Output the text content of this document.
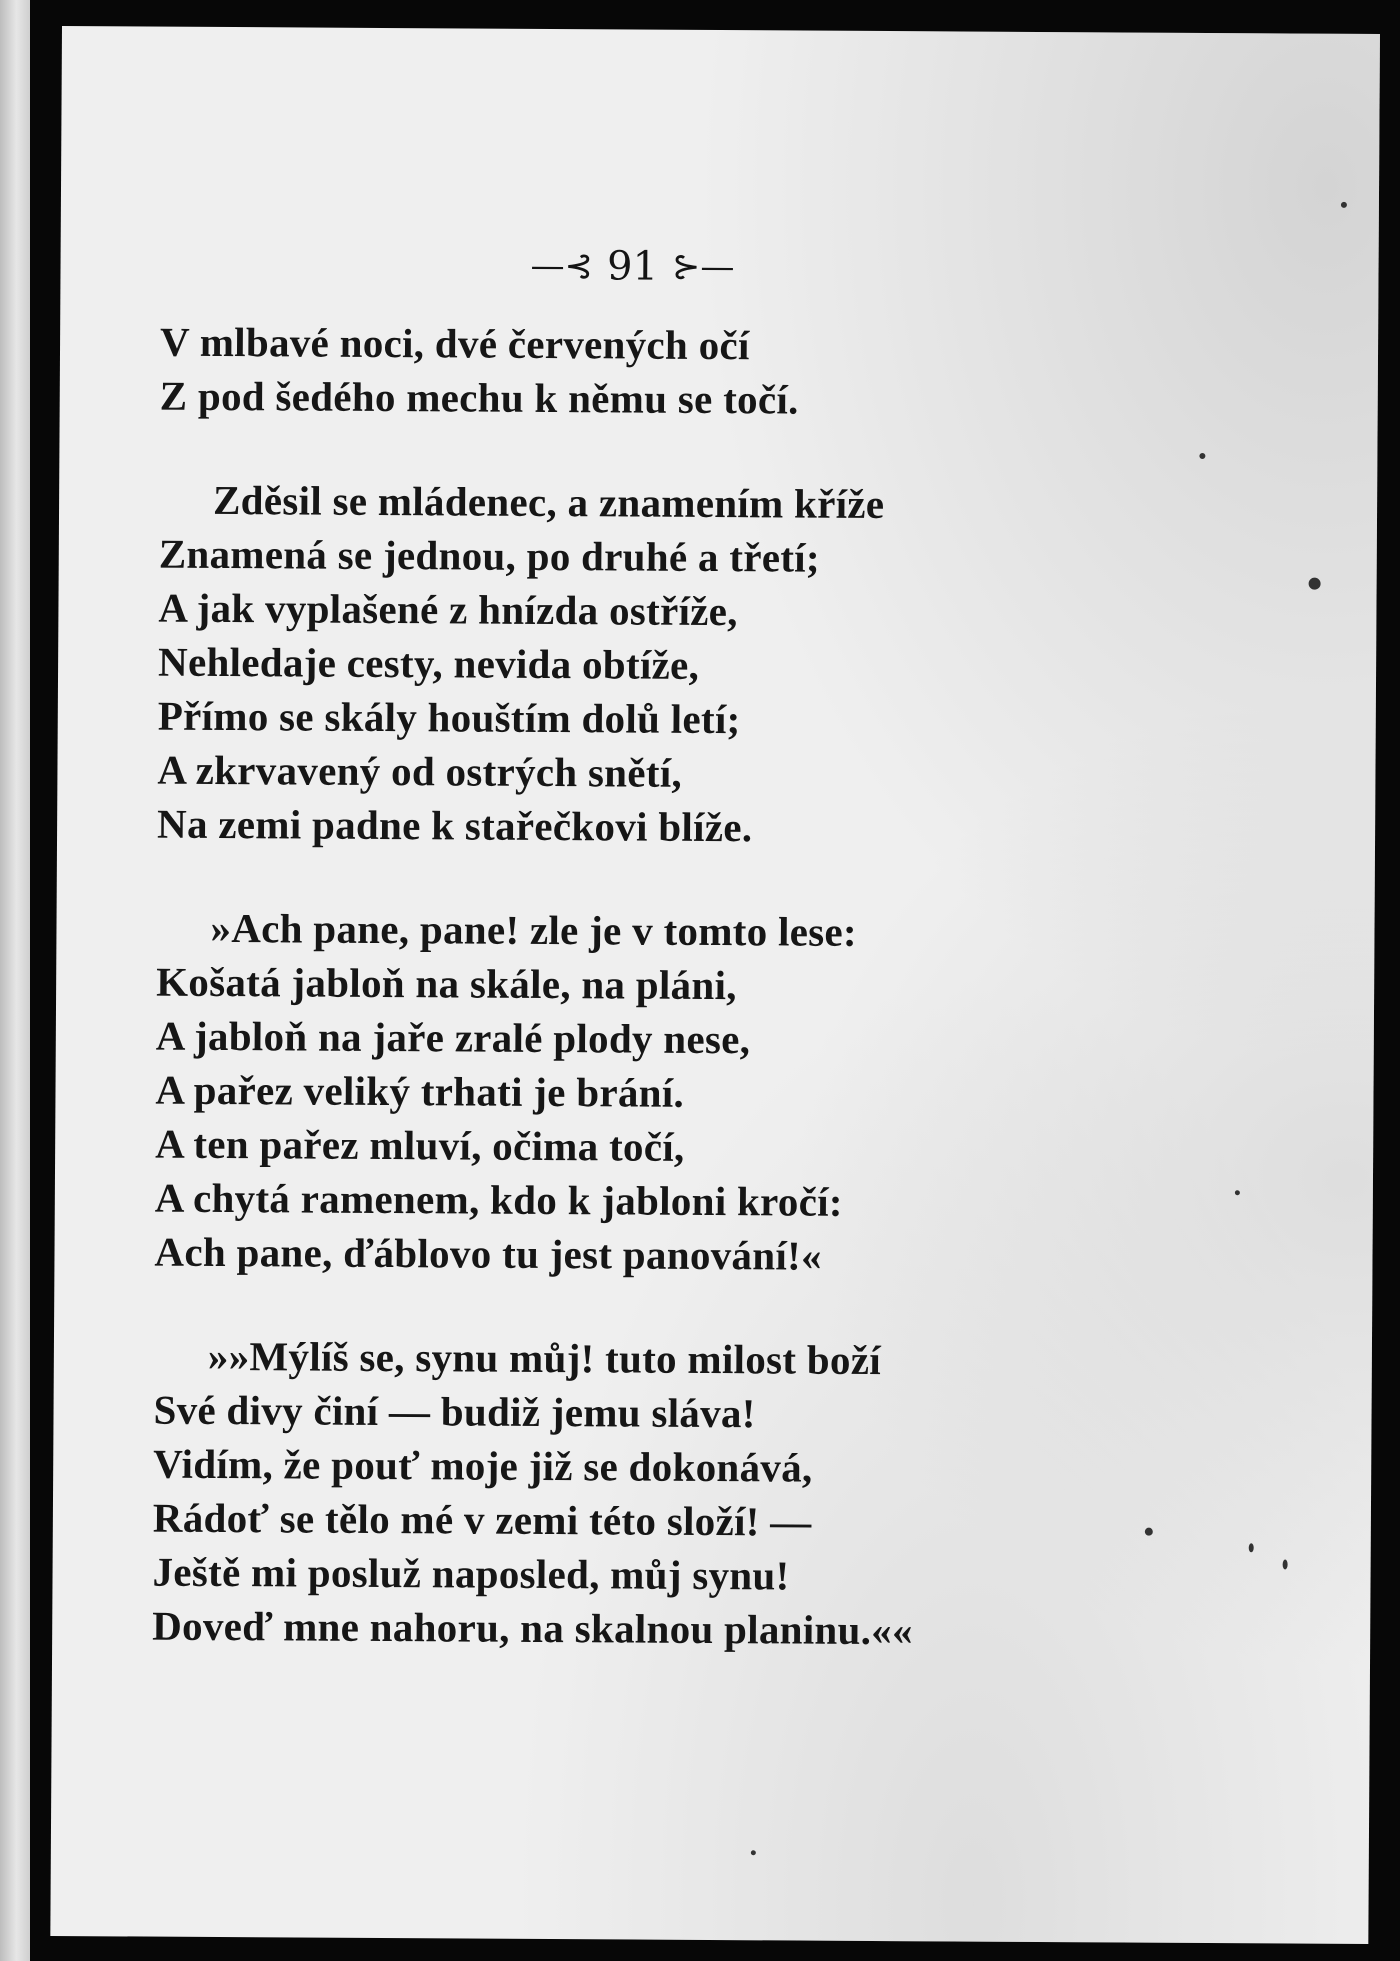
—⊰ 91 ⊱—
V mlbavé noci, dvé červených očí
Z pod šedého mechu k němu se točí.
Zděsil se mládenec, a znamením kříže
Znamená se jednou, po druhé a třetí;
A jak vyplašené z hnízda ostříže,
Nehledaje cesty, nevida obtíže,
Přímo se skály houštím dolů letí;
A zkrvavený od ostrých snětí,
Na zemi padne k stařečkovi blíže.
»Ach pane, pane! zle je v tomto lese:
Košatá jabloň na skále, na pláni,
A jabloň na jaře zralé plody nese,
A pařez veliký trhati je brání.
A ten pařez mluví, očima točí,
A chytá ramenem, kdo k jabloni kročí:
Ach pane, ďáblovo tu jest panování!«
»»Mýlíš se, synu můj! tuto milost boží
Své divy činí — budiž jemu sláva!
Vidím, že pouť moje již se dokonává,
Rádoť se tělo mé v zemi této složí! —
Ještě mi posluž naposled, můj synu!
Doveď mne nahoru, na skalnou planinu.««
